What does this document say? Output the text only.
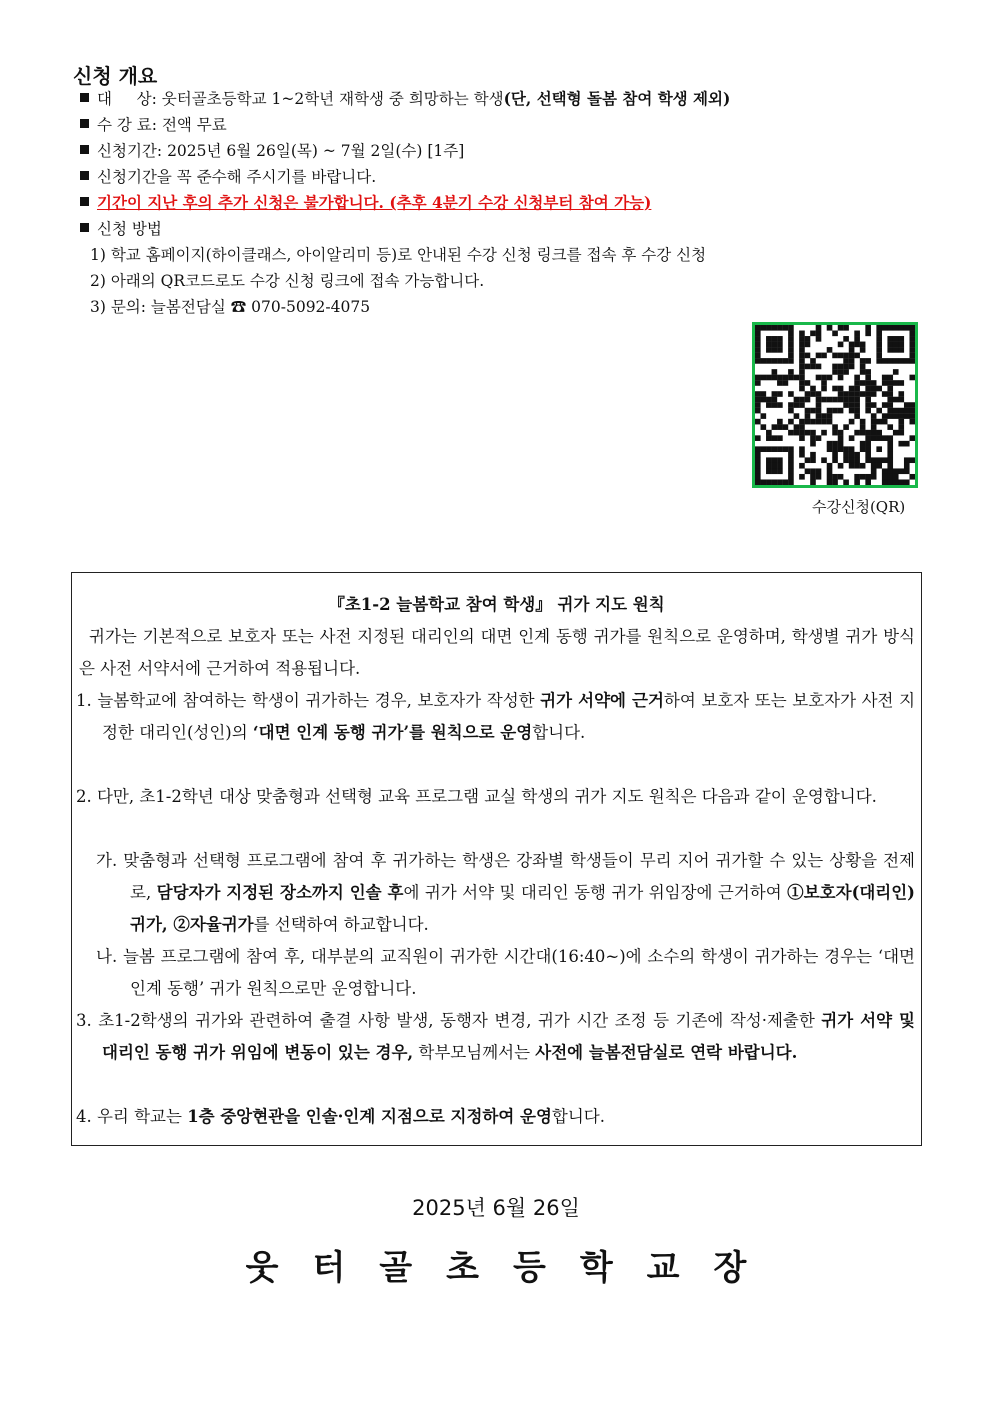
신청 개요
대     상: 웃터골초등학교 1~2학년 재학생 중 희망하는 학생(단, 선택형 돌봄 참여 학생 제외)
수 강 료: 전액 무료
신청기간: 2025년 6월 26일(목) ~ 7월 2일(수) [1주]
신청기간을 꼭 준수해 주시기를 바랍니다.
기간이 지난 후의 추가 신청은 불가합니다. (추후 4분기 수강 신청부터 참여 가능)
신청 방법
1) 학교 홈페이지(하이클래스, 아이알리미 등)로 안내된 수강 신청 링크를 접속 후 수강 신청
2) 아래의 QR코드로도 수강 신청 링크에 접속 가능합니다.
3) 문의: 늘봄전담실 ☎ 070-5092-4075
수강신청(QR)
『초1-2 늘봄학교 참여 학생』 귀가 지도 원칙
귀가는 기본적으로 보호자 또는 사전 지정된 대리인의 대면 인계 동행 귀가를 원칙으로 운영하며, 학생별 귀가 방식은 사전 서약서에 근거하여 적용됩니다.
1. 늘봄학교에 참여하는 학생이 귀가하는 경우, 보호자가 작성한 귀가 서약에 근거하여 보호자 또는 보호자가 사전 지정한 대리인(성인)의 ‘대면 인계 동행 귀가’를 원칙으로 운영합니다.
2. 다만, 초1-2학년 대상 맞춤형과 선택형 교육 프로그램 교실 학생의 귀가 지도 원칙은 다음과 같이 운영합니다.
가. 맞춤형과 선택형 프로그램에 참여 후 귀가하는 학생은 강좌별 학생들이 무리 지어 귀가할 수 있는 상황을 전제로, 담당자가 지정된 장소까지 인솔 후에 귀가 서약 및 대리인 동행 귀가 위임장에 근거하여 ①보호자(대리인)귀가, ②자율귀가를 선택하여 하교합니다.
나. 늘봄 프로그램에 참여 후, 대부분의 교직원이 귀가한 시간대(16:40~)에 소수의 학생이 귀가하는 경우는 ‘대면 인계 동행’ 귀가 원칙으로만 운영합니다.
3. 초1-2학생의 귀가와 관련하여 출결 사항 발생, 동행자 변경, 귀가 시간 조정 등 기존에 작성·제출한 귀가 서약 및 대리인 동행 귀가 위임에 변동이 있는 경우, 학부모님께서는 사전에 늘봄전담실로 연락 바랍니다.
4. 우리 학교는 1층 중앙현관을 인솔·인계 지점으로 지정하여 운영합니다.
2025년 6월 26일
웃터골초등학교장
